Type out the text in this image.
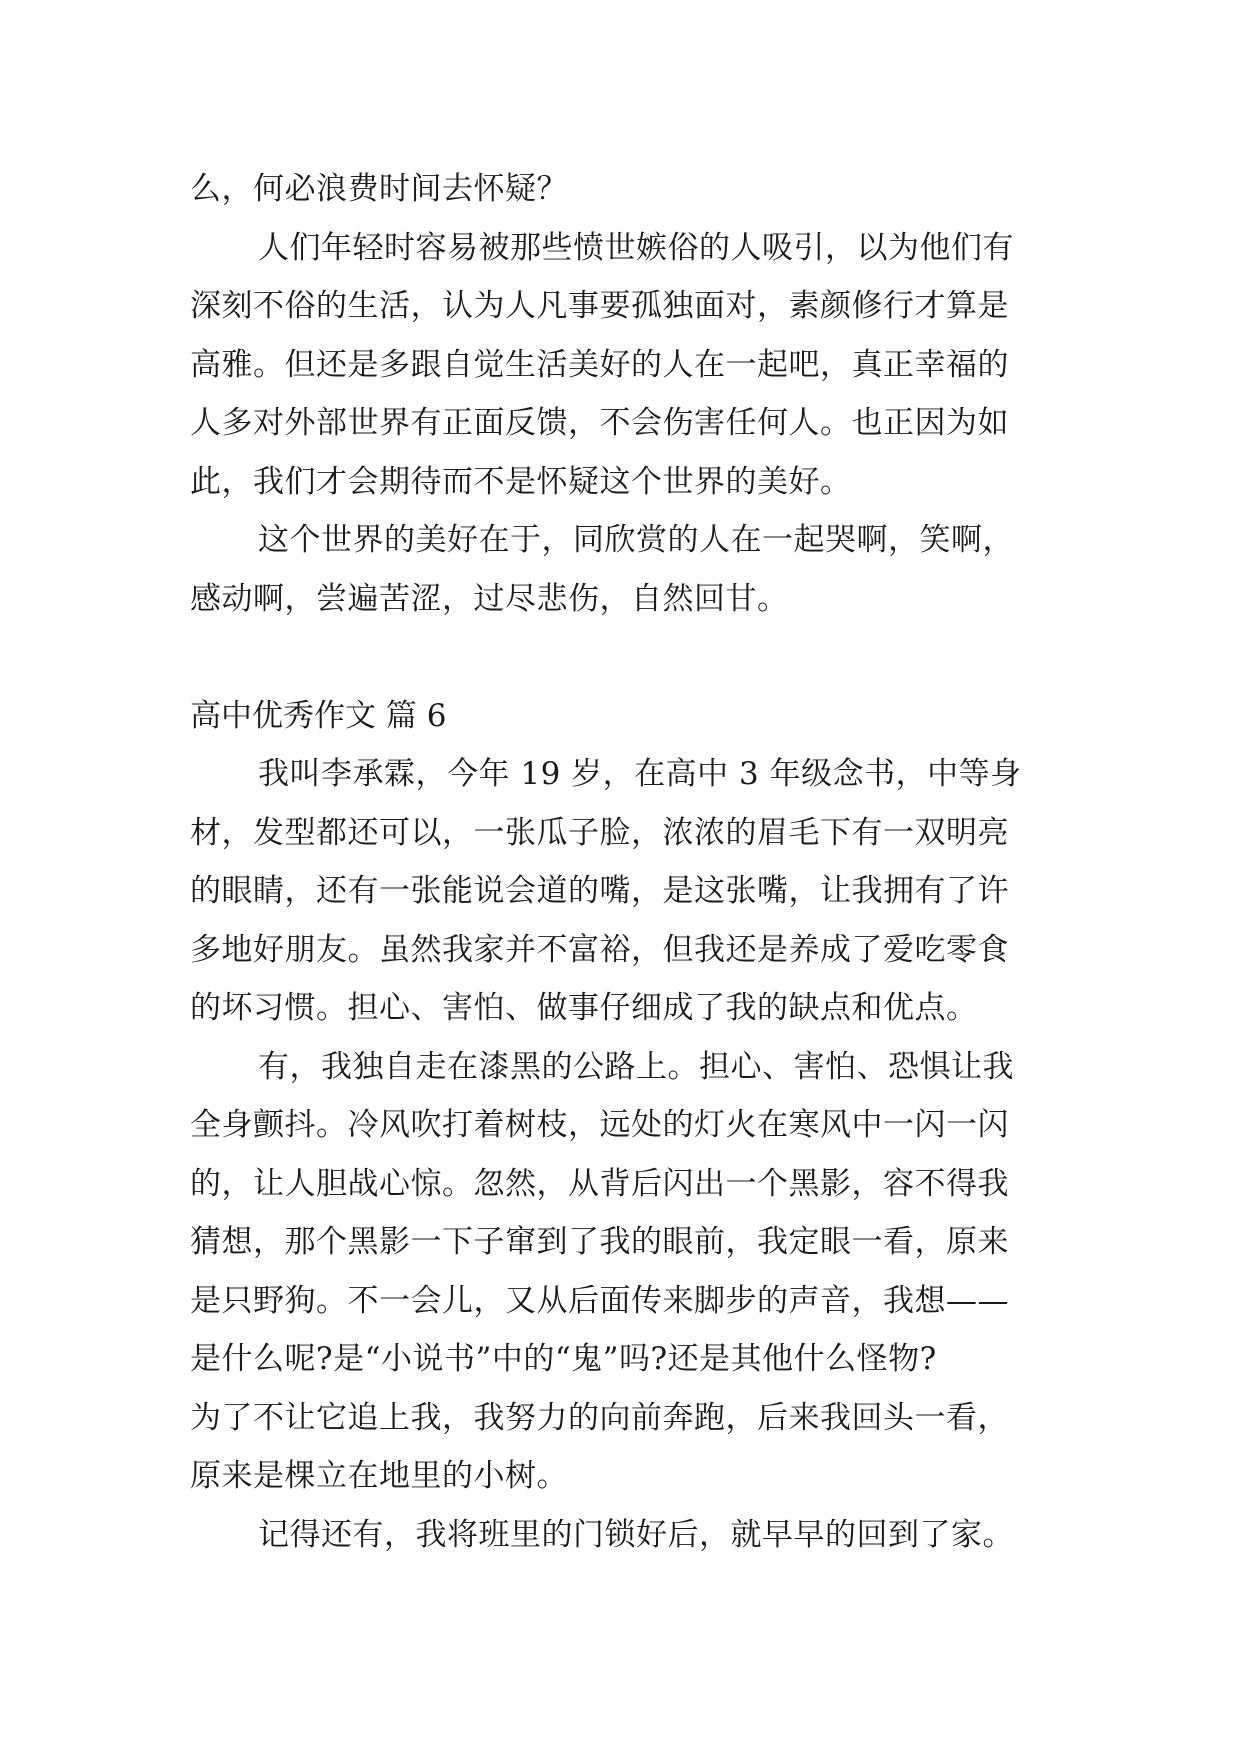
么，何必浪费时间去怀疑？
人们年轻时容易被那些愤世嫉俗的人吸引，以为他们有
深刻不俗的生活，认为人凡事要孤独面对，素颜修行才算是
高雅。但还是多跟自觉生活美好的人在一起吧，真正幸福的
人多对外部世界有正面反馈，不会伤害任何人。也正因为如
此，我们才会期待而不是怀疑这个世界的美好。
这个世界的美好在于，同欣赏的人在一起哭啊，笑啊，
感动啊，尝遍苦涩，过尽悲伤，自然回甘。
高中优秀作文 篇 6
我叫李承霖，今年 19 岁，在高中 3 年级念书，中等身
材，发型都还可以，一张瓜子脸，浓浓的眉毛下有一双明亮
的眼睛，还有一张能说会道的嘴，是这张嘴，让我拥有了许
多地好朋友。虽然我家并不富裕，但我还是养成了爱吃零食
的坏习惯。担心、害怕、做事仔细成了我的缺点和优点。
有，我独自走在漆黑的公路上。担心、害怕、恐惧让我
全身颤抖。冷风吹打着树枝，远处的灯火在寒风中一闪一闪
的，让人胆战心惊。忽然，从背后闪出一个黑影，容不得我
猜想，那个黑影一下子窜到了我的眼前，我定眼一看，原来
是只野狗。不一会儿，又从后面传来脚步的声音，我想——
是什么呢?是“小说书”中的“鬼”吗?还是其他什么怪物?
为了不让它追上我，我努力的向前奔跑，后来我回头一看，
原来是棵立在地里的小树。
记得还有，我将班里的门锁好后，就早早的回到了家。
